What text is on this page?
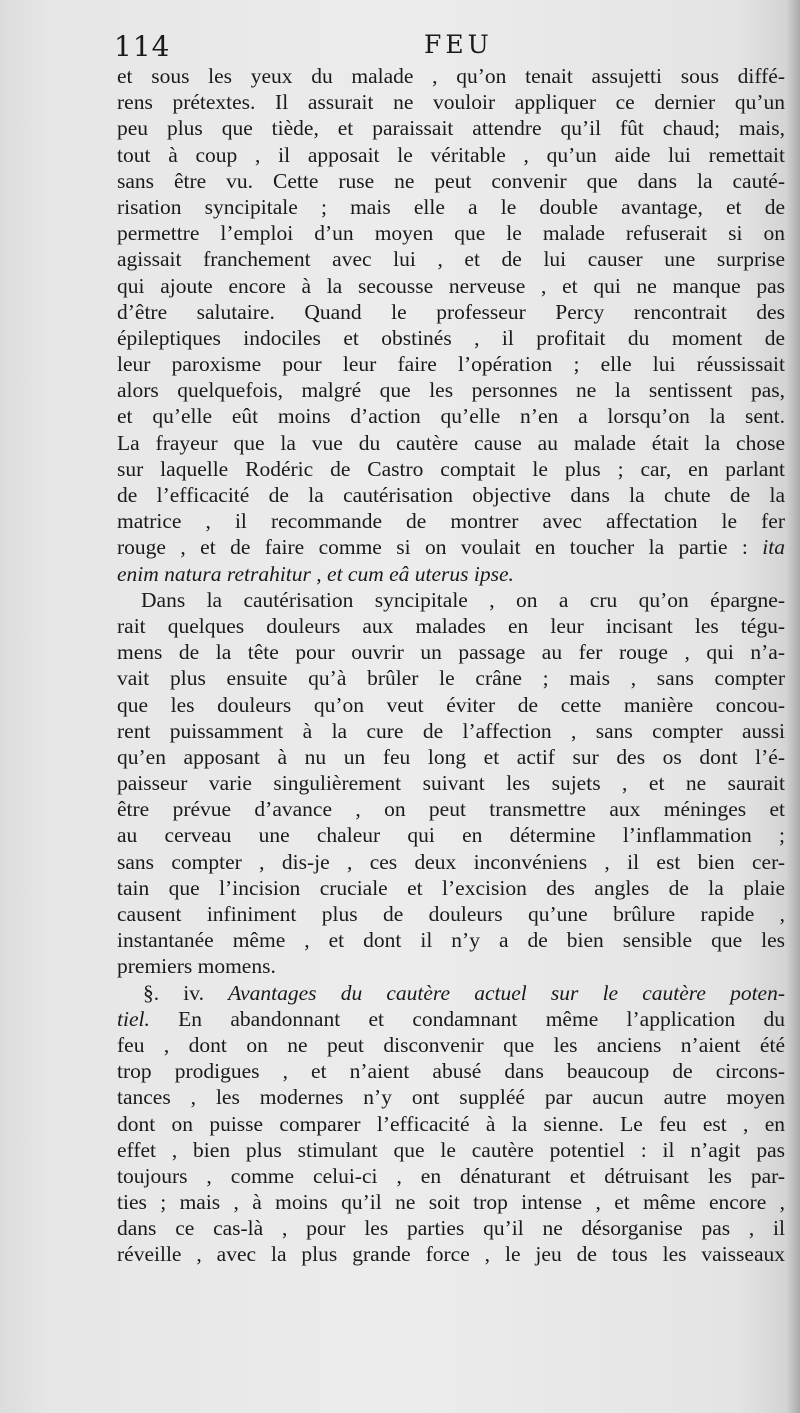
114	FEU
et sous les yeux du malade , qu’on tenait assujetti sous diffé-
rens prétextes. Il assurait ne vouloir appliquer ce dernier qu’un
peu plus que tiède, et paraissait attendre qu’il fût chaud; mais,
tout à coup , il apposait le véritable , qu’un aide lui remettait
sans être vu. Cette ruse ne peut convenir que dans la cauté-
risation syncipitale ; mais elle a le double avantage, et de
permettre l’emploi d’un moyen que le malade refuserait si on
agissait franchement avec lui , et de lui causer une surprise
qui ajoute encore à la secousse nerveuse , et qui ne manque pas
d’être salutaire. Quand le professeur Percy rencontrait des
épileptiques indociles et obstinés , il profitait du moment de
leur paroxisme pour leur faire l’opération ; elle lui réussissait
alors quelquefois, malgré que les personnes ne la sentissent pas,
et qu’elle eût moins d’action qu’elle n’en a lorsqu’on la sent.
La frayeur que la vue du cautère cause au malade était la chose
sur laquelle Rodéric de Castro comptait le plus ; car, en parlant
de l’efficacité de la cautérisation objective dans la chute de la
matrice , il recommande de montrer avec affectation le fer
rouge , et de faire comme si on voulait en toucher la partie : ita
enim natura retrahitur , et cum eâ uterus ipse.
Dans la cautérisation syncipitale , on a cru qu’on épargne-
rait quelques douleurs aux malades en leur incisant les tégu-
mens de la tête pour ouvrir un passage au fer rouge , qui n’a-
vait plus ensuite qu’à brûler le crâne ; mais , sans compter
que les douleurs qu’on veut éviter de cette manière concou-
rent puissamment à la cure de l’affection , sans compter aussi
qu’en apposant à nu un feu long et actif sur des os dont l’é-
paisseur varie singulièrement suivant les sujets , et ne saurait
être prévue d’avance , on peut transmettre aux méninges et
au cerveau une chaleur qui en détermine l’inflammation ;
sans compter , dis-je , ces deux inconvéniens , il est bien cer-
tain que l’incision cruciale et l’excision des angles de la plaie
causent infiniment plus de douleurs qu’une brûlure rapide ,
instantanée même , et dont il n’y a de bien sensible que les
premiers momens.
§. iv. Avantages du cautère actuel sur le cautère poten-
tiel. En abandonnant et condamnant même l’application du
feu , dont on ne peut disconvenir que les anciens n’aient été
trop prodigues , et n’aient abusé dans beaucoup de circons-
tances , les modernes n’y ont suppléé par aucun autre moyen
dont on puisse comparer l’efficacité à la sienne. Le feu est , en
effet , bien plus stimulant que le cautère potentiel : il n’agit pas
toujours , comme celui-ci , en dénaturant et détruisant les par-
ties ; mais , à moins qu’il ne soit trop intense , et même encore ,
dans ce cas-là , pour les parties qu’il ne désorganise pas , il
réveille , avec la plus grande force , le jeu de tous les vaisseaux
